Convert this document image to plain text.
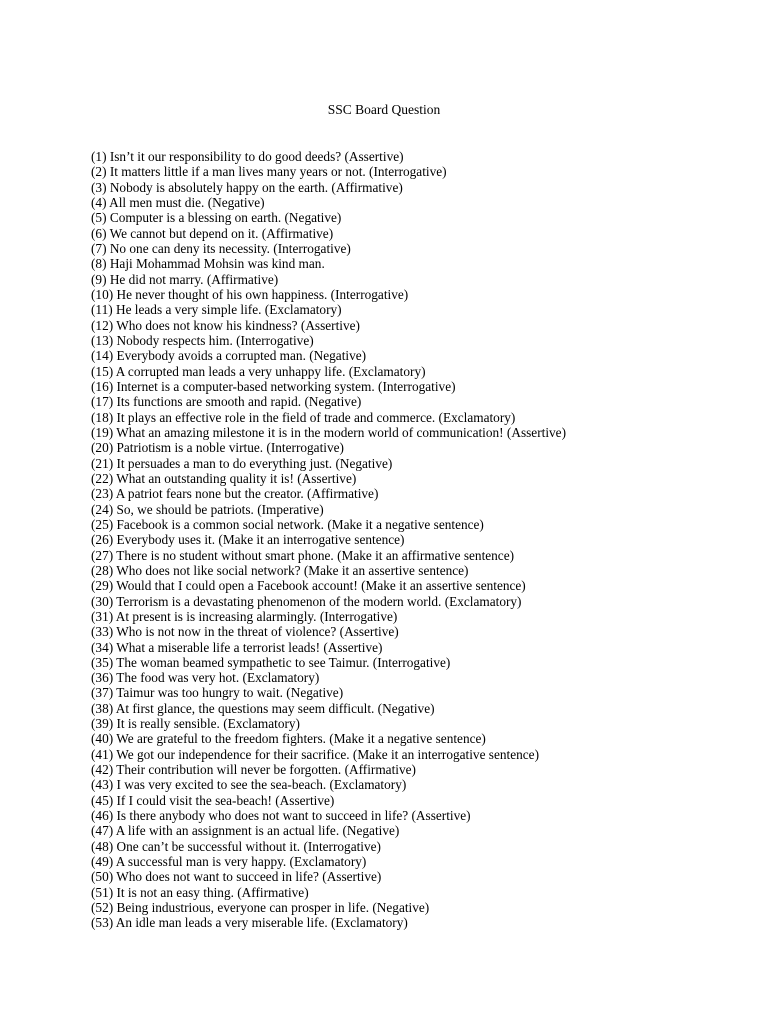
SSC Board Question
(1) Isn’t it our responsibility to do good deeds? (Assertive)
(2) It matters little if a man lives many years or not. (Interrogative)
(3) Nobody is absolutely happy on the earth. (Affirmative)
(4) All men must die. (Negative)
(5) Computer is a blessing on earth. (Negative)
(6) We cannot but depend on it. (Affirmative)
(7) No one can deny its necessity. (Interrogative)
(8) Haji Mohammad Mohsin was kind man.
(9) He did not marry. (Affirmative)
(10) He never thought of his own happiness. (Interrogative)
(11) He leads a very simple life. (Exclamatory)
(12) Who does not know his kindness? (Assertive)
(13) Nobody respects him. (Interrogative)
(14) Everybody avoids a corrupted man. (Negative)
(15) A corrupted man leads a very unhappy life. (Exclamatory)
(16) Internet is a computer-based networking system. (Interrogative)
(17) Its functions are smooth and rapid. (Negative)
(18) It plays an effective role in the field of trade and commerce. (Exclamatory)
(19) What an amazing milestone it is in the modern world of communication! (Assertive)
(20) Patriotism is a noble virtue. (Interrogative)
(21) It persuades a man to do everything just. (Negative)
(22) What an outstanding quality it is! (Assertive)
(23) A patriot fears none but the creator. (Affirmative)
(24) So, we should be patriots. (Imperative)
(25) Facebook is a common social network. (Make it a negative sentence)
(26) Everybody uses it. (Make it an interrogative sentence)
(27) There is no student without smart phone. (Make it an affirmative sentence)
(28) Who does not like social network? (Make it an assertive sentence)
(29) Would that I could open a Facebook account! (Make it an assertive sentence)
(30) Terrorism is a devastating phenomenon of the modern world. (Exclamatory)
(31) At present is is increasing alarmingly. (Interrogative)
(33) Who is not now in the threat of violence? (Assertive)
(34) What a miserable life a terrorist leads! (Assertive)
(35) The woman beamed sympathetic to see Taimur. (Interrogative)
(36) The food was very hot. (Exclamatory)
(37) Taimur was too hungry to wait. (Negative)
(38) At first glance, the questions may seem difficult. (Negative)
(39) It is really sensible. (Exclamatory)
(40) We are grateful to the freedom fighters. (Make it a negative sentence)
(41) We got our independence for their sacrifice. (Make it an interrogative sentence)
(42) Their contribution will never be forgotten. (Affirmative)
(43) I was very excited to see the sea-beach. (Exclamatory)
(45) If I could visit the sea-beach! (Assertive)
(46) Is there anybody who does not want to succeed in life? (Assertive)
(47) A life with an assignment is an actual life. (Negative)
(48) One can’t be successful without it. (Interrogative)
(49) A successful man is very happy. (Exclamatory)
(50) Who does not want to succeed in life? (Assertive)
(51) It is not an easy thing. (Affirmative)
(52) Being industrious, everyone can prosper in life. (Negative)
(53) An idle man leads a very miserable life. (Exclamatory)
